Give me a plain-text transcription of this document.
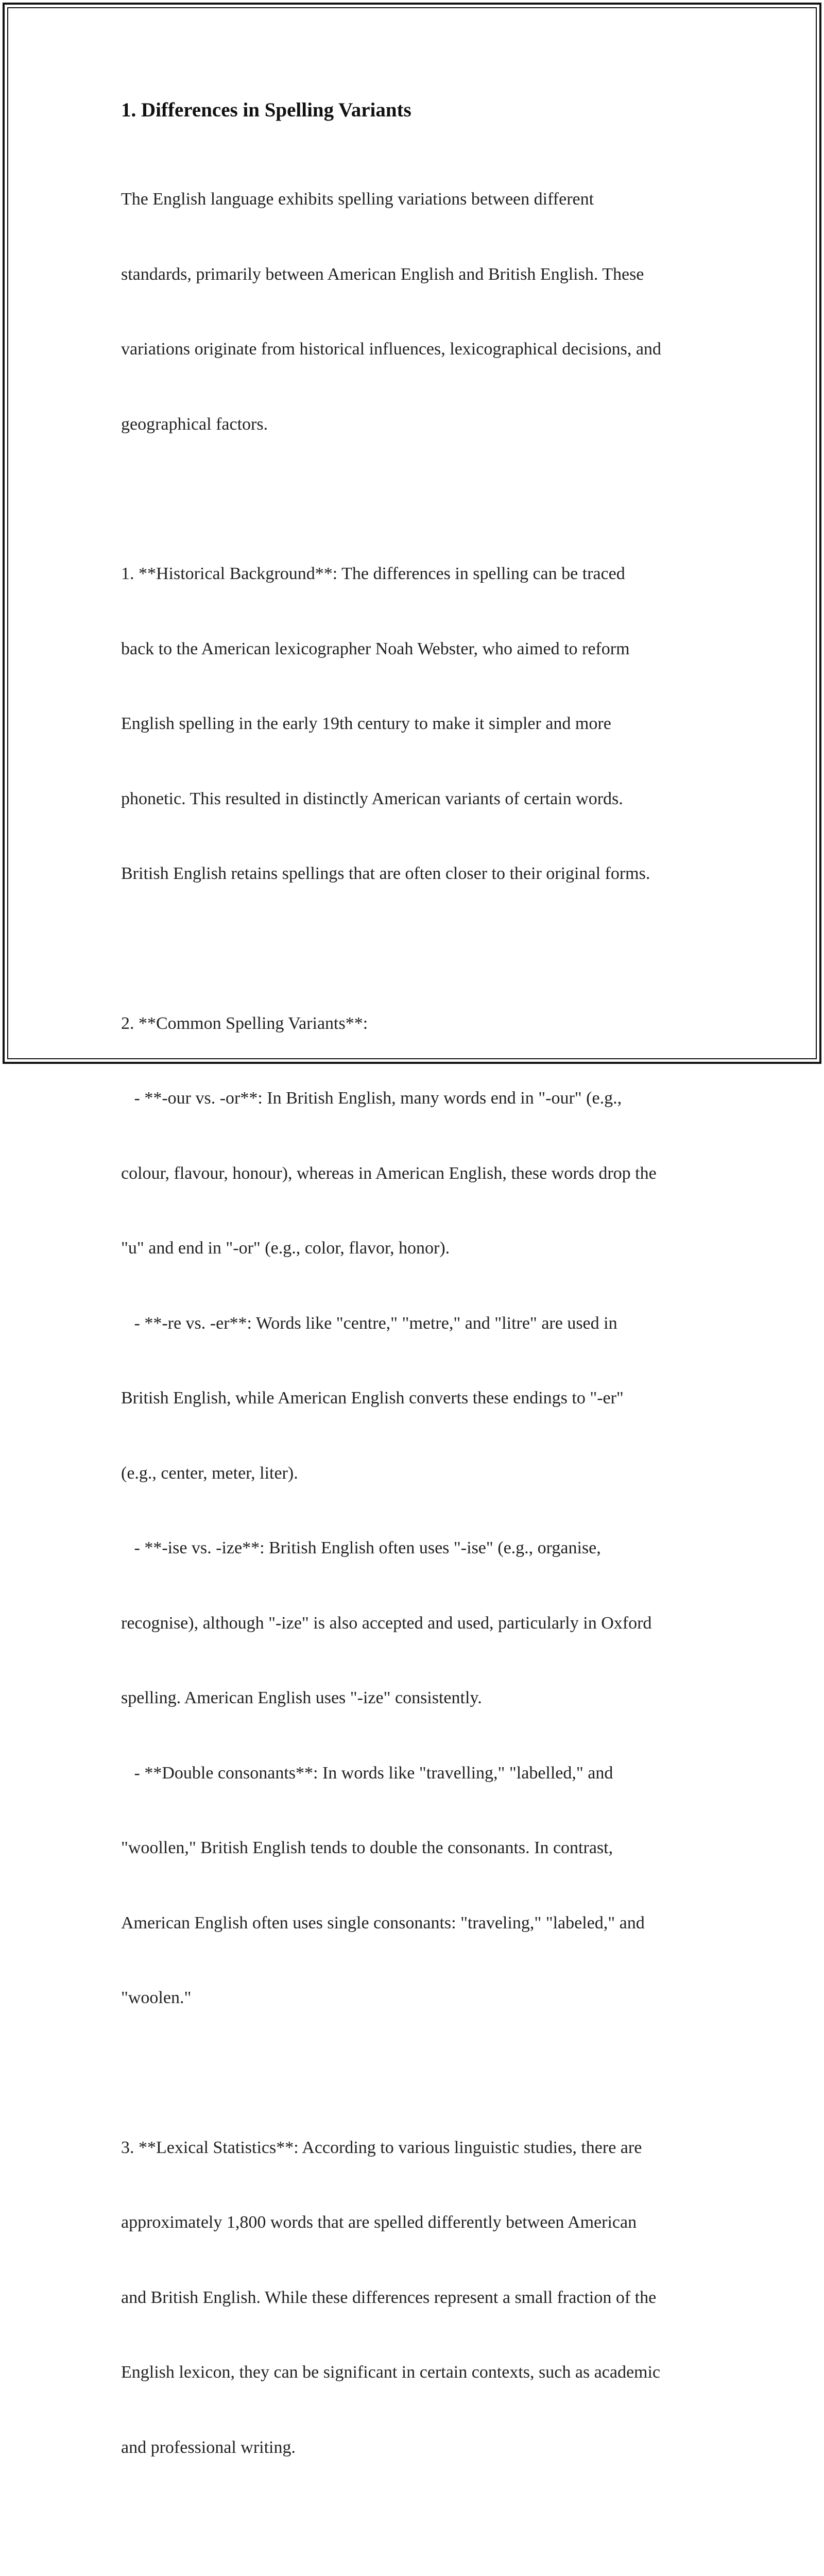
1. Differences in Spelling Variants

The English language exhibits spelling variations between different

standards, primarily between American English and British English. These

variations originate from historical influences, lexicographical decisions, and

geographical factors.

1. **Historical Background**: The differences in spelling can be traced

back to the American lexicographer Noah Webster, who aimed to reform

English spelling in the early 19th century to make it simpler and more

phonetic. This resulted in distinctly American variants of certain words.

British English retains spellings that are often closer to their original forms.

2. **Common Spelling Variants**:

- **-our vs. -or**: In British English, many words end in "-our" (e.g.,

colour, flavour, honour), whereas in American English, these words drop the

"u" and end in "-or" (e.g., color, flavor, honor).

- **-re vs. -er**: Words like "centre," "metre," and "litre" are used in

British English, while American English converts these endings to "-er"

(e.g., center, meter, liter).

- **-ise vs. -ize**: British English often uses "-ise" (e.g., organise,

recognise), although "-ize" is also accepted and used, particularly in Oxford

spelling. American English uses "-ize" consistently.

- **Double consonants**: In words like "travelling," "labelled," and

"woollen," British English tends to double the consonants. In contrast,

American English often uses single consonants: "traveling," "labeled," and

"woolen."

3. **Lexical Statistics**: According to various linguistic studies, there are

approximately 1,800 words that are spelled differently between American

and British English. While these differences represent a small fraction of the

English lexicon, they can be significant in certain contexts, such as academic

and professional writing.
